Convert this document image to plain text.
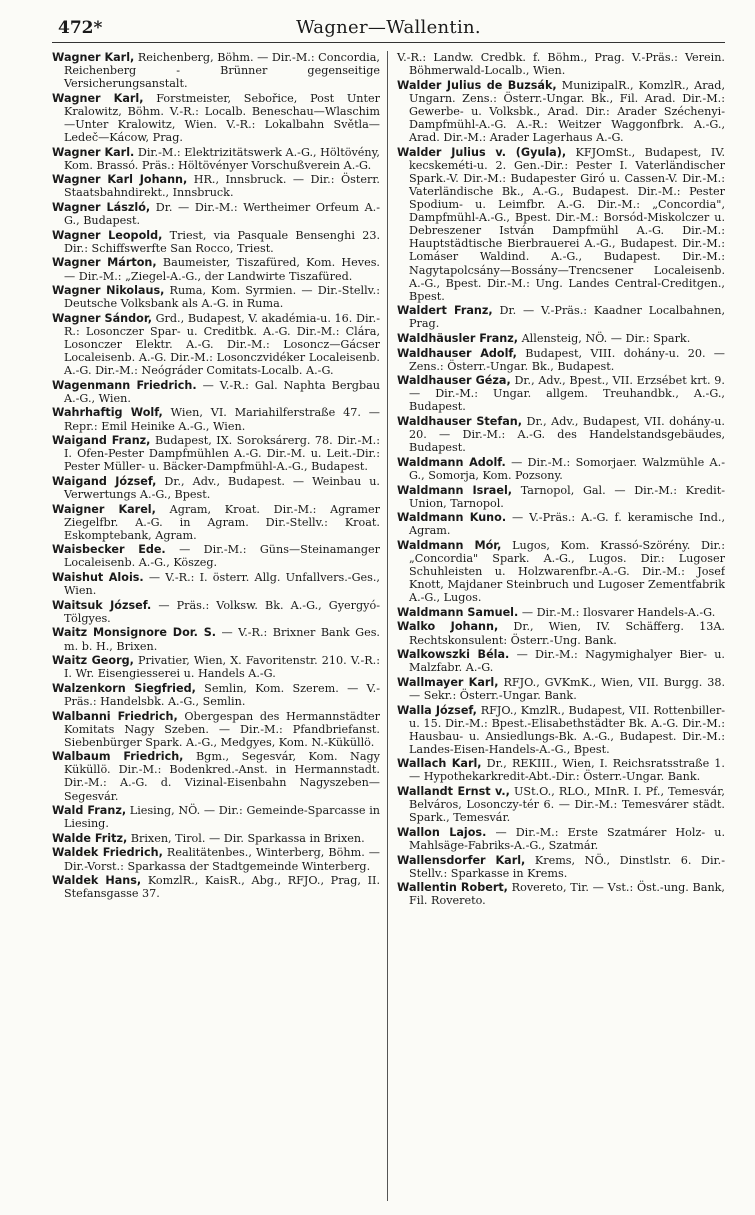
472*	Wagner—Wallentin.

Wagner Karl, Reichenberg, Böhm. — Dir.-M.: Concordia, Reichenberg - Brünner gegenseitige Versicherungsanstalt.

Wagner Karl, Forstmeister, Sebořice, Post Unter Kralowitz, Böhm. V.-R.: Localb. Beneschau—Wlaschim—Unter Kralowitz, Wien. V.-R.: Lokalbahn Světla—Ledeč—Kácow, Prag.

Wagner Karl. Dir.-M.: Elektrizitätswerk A.-G., Höltövény, Kom. Brassó. Präs.: Höltövényer Vorschußverein A.-G.

Wagner Karl Johann, HR., Innsbruck. — Dir.: Österr. Staatsbahndirekt., Innsbruck.

Wagner László, Dr. — Dir.-M.: Wertheimer Orfeum A.-G., Budapest.

Wagner Leopold, Triest, via Pasquale Bensenghi 23. Dir.: Schiffswerfte San Rocco, Triest.

Wagner Márton, Baumeister, Tiszafüred, Kom. Heves. — Dir.-M.: „Ziegel-A.-G., der Landwirte Tiszafüred.

Wagner Nikolaus, Ruma, Kom. Syrmien. — Dir.-Stellv.: Deutsche Volksbank als A.-G. in Ruma.

Wagner Sándor, Grd., Budapest, V. akadémia-u. 16. Dir.-R.: Losonczer Spar- u. Creditbk. A.-G. Dir.-M.: Clára, Losonczer Elektr. A.-G. Dir.-M.: Losoncz—Gácser Localeisenb. A.-G. Dir.-M.: Losonczvidéker Localeisenb. A.-G. Dir.-M.: Neógráder Comitats-Localb. A.-G.

Wagenmann Friedrich. — V.-R.: Gal. Naphta Bergbau A.-G., Wien.

Wahrhaftig Wolf, Wien, VI. Mariahilferstraße 47. — Repr.: Emil Heinike A.-G., Wien.

Waigand Franz, Budapest, IX. Soroksárerg. 78. Dir.-M.: I. Ofen-Pester Dampfmühlen A.-G. Dir.-M. u. Leit.-Dir.: Pester Müller- u. Bäcker-Dampfmühl-A.-G., Budapest.

Waigand József, Dr., Adv., Budapest. — Weinbau u. Verwertungs A.-G., Bpest.

Waigner Karel, Agram, Kroat. Dir.-M.: Agramer Ziegelfbr. A.-G. in Agram. Dir.-Stellv.: Kroat. Eskomptebank, Agram.

Waisbecker Ede. — Dir.-M.: Güns—Steinamanger Localeisenb. A.-G., Köszeg.

Waishut Alois. — V.-R.: I. österr. Allg. Unfallvers.-Ges., Wien.

Waitsuk József. — Präs.: Volksw. Bk. A.-G., Gyergyó-Tölgyes.

Waitz Monsignore Dor. S. — V.-R.: Brixner Bank Ges. m. b. H., Brixen.

Waitz Georg, Privatier, Wien, X. Favoritenstr. 210. V.-R.: I. Wr. Eisengiesserei u. Handels A.-G.

Walzenkorn Siegfried, Semlin, Kom. Szerem. — V.-Präs.: Handelsbk. A.-G., Semlin.

Walbanni Friedrich, Obergespan des Hermannstädter Komitats Nagy Szeben. — Dir.-M.: Pfandbriefanst. Siebenbürger Spark. A.-G., Medgyes, Kom. N.-Küküllö.

Walbaum Friedrich, Bgm., Segesvár, Kom. Nagy Küküllö. Dir.-M.: Bodenkred.-Anst. in Hermannstadt. Dir.-M.: A.-G. d. Vizinal-Eisenbahn Nagyszeben—Segesvár.

Wald Franz, Liesing, NÖ. — Dir.: Gemeinde-Sparcasse in Liesing.

Walde Fritz, Brixen, Tirol. — Dir. Sparkassa in Brixen.

Waldek Friedrich, Realitätenbes., Winterberg, Böhm. — Dir.-Vorst.: Sparkassa der Stadtgemeinde Winterberg.

Waldek Hans, KomzlR., KaisR., Abg., RFJO., Prag, II. Stefansgasse 37.

V.-R.: Landw. Credbk. f. Böhm., Prag. V.-Präs.: Verein. Böhmerwald-Localb., Wien.

Walder Julius de Buzsák, MunizipalR., KomzlR., Arad, Ungarn. Zens.: Österr.-Ungar. Bk., Fil. Arad. Dir.-M.: Gewerbe- u. Volksbk., Arad. Dir.: Arader Széchenyi-Dampfmühl-A.-G. A.-R.: Weitzer Waggonfbrk. A.-G., Arad. Dir.-M.: Arader Lagerhaus A.-G.

Walder Julius v. (Gyula), KFJOmSt., Budapest, IV. kecskeméti-u. 2. Gen.-Dir.: Pester I. Vaterländischer Spark.-V. Dir.-M.: Budapester Giró u. Cassen-V. Dir.-M.: Vaterländische Bk., A.-G., Budapest. Dir.-M.: Pester Spodium- u. Leimfbr. A.-G. Dir.-M.: „Concordia", Dampfmühl-A.-G., Bpest. Dir.-M.: Borsód-Miskolczer u. Debreszener István Dampfmühl A.-G. Dir.-M.: Hauptstädtische Bierbrauerei A.-G., Budapest. Dir.-M.: Lomáser Waldind. A.-G., Budapest. Dir.-M.: Nagytapolcsány—Bossány—Trencsener Localeisenb. A.-G., Bpest. Dir.-M.: Ung. Landes Central-Creditgen., Bpest.

Waldert Franz, Dr. — V.-Präs.: Kaadner Localbahnen, Prag.

Waldhäusler Franz, Allensteig, NÖ. — Dir.: Spark.

Waldhauser Adolf, Budapest, VIII. dohány-u. 20. — Zens.: Österr.-Ungar. Bk., Budapest.

Waldhauser Géza, Dr., Adv., Bpest., VII. Erzsébet krt. 9. — Dir.-M.: Ungar. allgem. Treuhandbk., A.-G., Budapest.

Waldhauser Stefan, Dr., Adv., Budapest, VII. dohány-u. 20. — Dir.-M.: A.-G. des Handelstandsgebäudes, Budapest.

Waldmann Adolf. — Dir.-M.: Somorjaer. Walzmühle A.-G., Somorja, Kom. Pozsony.

Waldmann Israel, Tarnopol, Gal. — Dir.-M.: Kredit-Union, Tarnopol.

Waldmann Kuno. — V.-Präs.: A.-G. f. keramische Ind., Agram.

Waldmann Mór, Lugos, Kom. Krassó-Szörény. Dir.: „Concordia" Spark. A.-G., Lugos. Dir.: Lugoser Schuhleisten u. Holzwarenfbr.-A.-G. Dir.-M.: Josef Knott, Majdaner Steinbruch und Lugoser Zementfabrik A.-G., Lugos.

Waldmann Samuel. — Dir.-M.: Ilosvarer Handels-A.-G.

Walko Johann, Dr., Wien, IV. Schäfferg. 13A. Rechtskonsulent: Österr.-Ung. Bank.

Walkowszki Béla. — Dir.-M.: Nagymighalyer Bier- u. Malzfabr. A.-G.

Wallmayer Karl, RFJO., GVKmK., Wien, VII. Burgg. 38. — Sekr.: Österr.-Ungar. Bank.

Walla József, RFJO., KmzlR., Budapest, VII. Rottenbiller-u. 15. Dir.-M.: Bpest.-Elisabethstädter Bk. A.-G. Dir.-M.: Hausbau- u. Ansiedlungs-Bk. A.-G., Budapest. Dir.-M.: Landes-Eisen-Handels-A.-G., Bpest.

Wallach Karl, Dr., REKIII., Wien, I. Reichsratsstraße 1. — Hypothekarkredit-Abt.-Dir.: Österr.-Ungar. Bank.

Wallandt Ernst v., USt.O., RLO., MInR. I. Pf., Temesvár, Belváros, Losonczy-tér 6. — Dir.-M.: Temesvárer städt. Spark., Temesvár.

Wallon Lajos. — Dir.-M.: Erste Szatmárer Holz- u. Mahlsäge-Fabriks-A.-G., Szatmár.

Wallensdorfer Karl, Krems, NÖ., Dinstlstr. 6. Dir.-Stellv.: Sparkasse in Krems.

Wallentin Robert, Rovereto, Tir. — Vst.: Öst.-ung. Bank, Fil. Rovereto.
